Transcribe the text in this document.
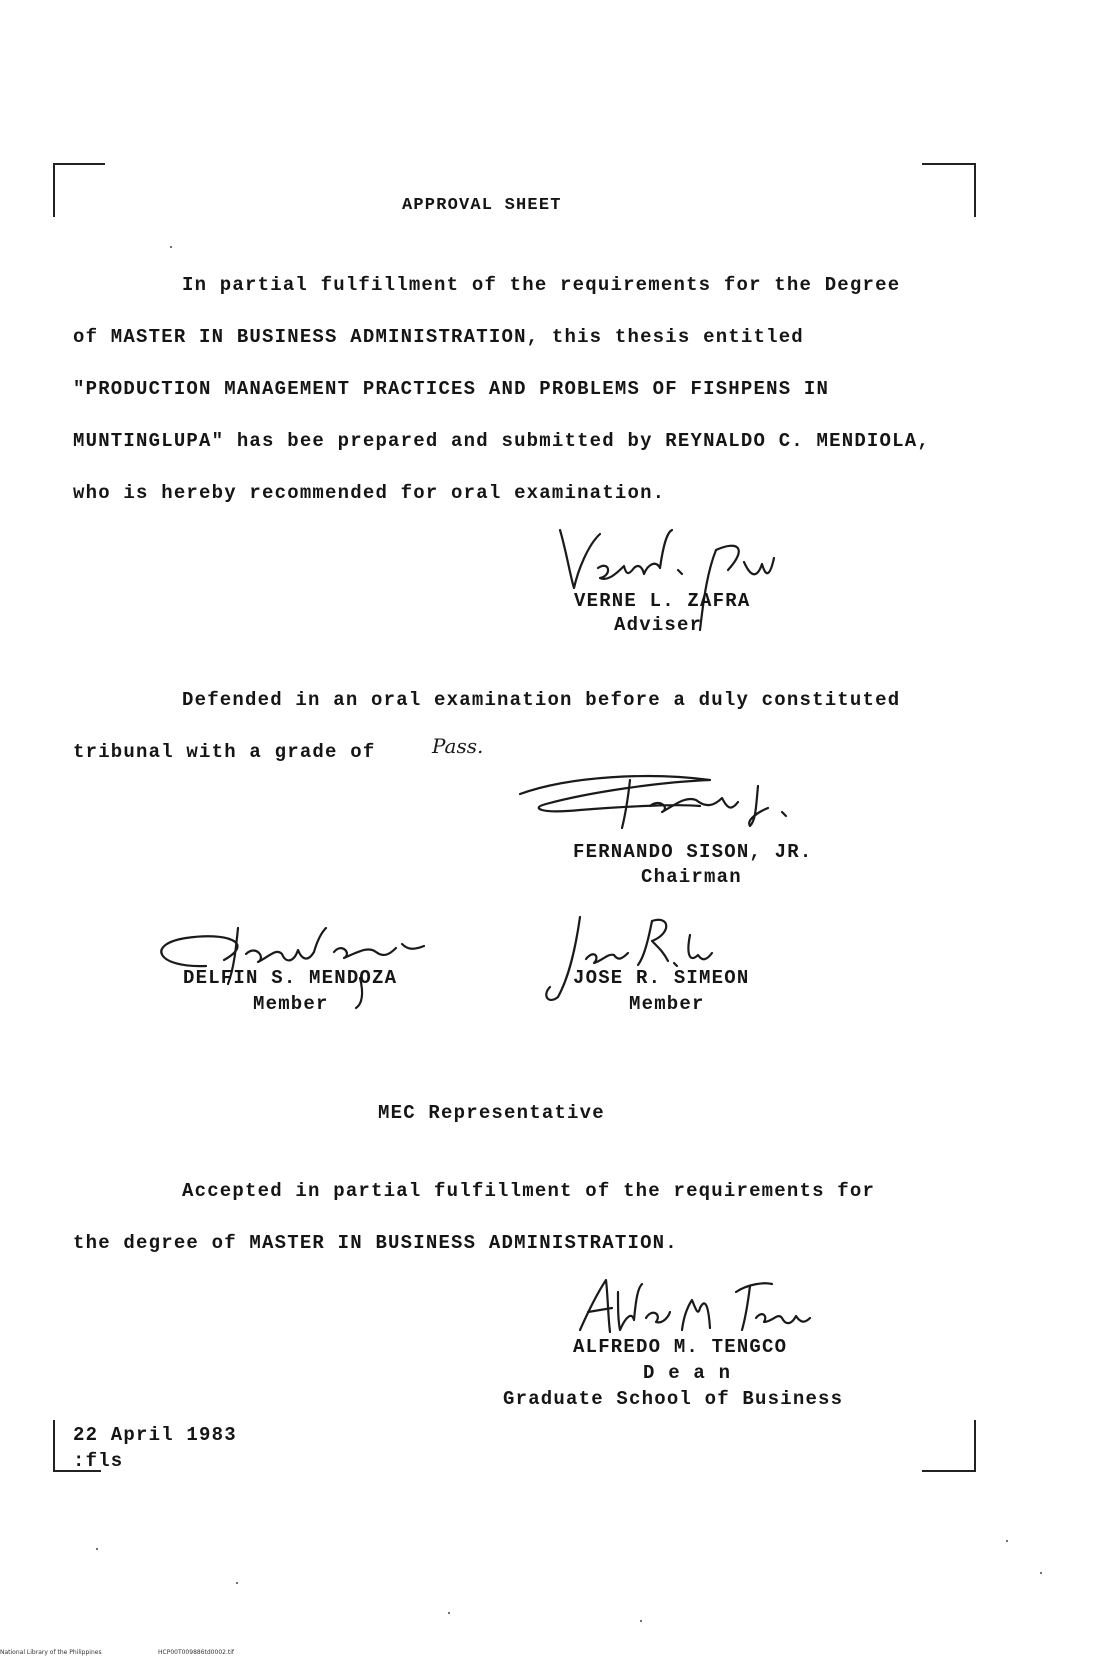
APPROVAL SHEET
In partial fulfillment of the requirements for the Degree
of MASTER IN BUSINESS ADMINISTRATION, this thesis entitled
"PRODUCTION MANAGEMENT PRACTICES AND PROBLEMS OF FISHPENS IN
MUNTINGLUPA" has bee prepared and submitted by REYNALDO C. MENDIOLA,
who is hereby recommended for oral examination.
VERNE L. ZAFRA
Adviser
Defended in an oral examination before a duly constituted
tribunal with a grade of	Pass.
FERNANDO SISON, JR.
Chairman
DELFIN S. MENDOZA
Member
JOSE R. SIMEON
Member
MEC Representative
Accepted in partial fulfillment of the requirements for
the degree of MASTER IN BUSINESS ADMINISTRATION.
ALFREDO M. TENGCO
D e a n
Graduate School of Business
22 April 1983
:fls
National Library of the Philippines	HCP00T009886td0002.tif
